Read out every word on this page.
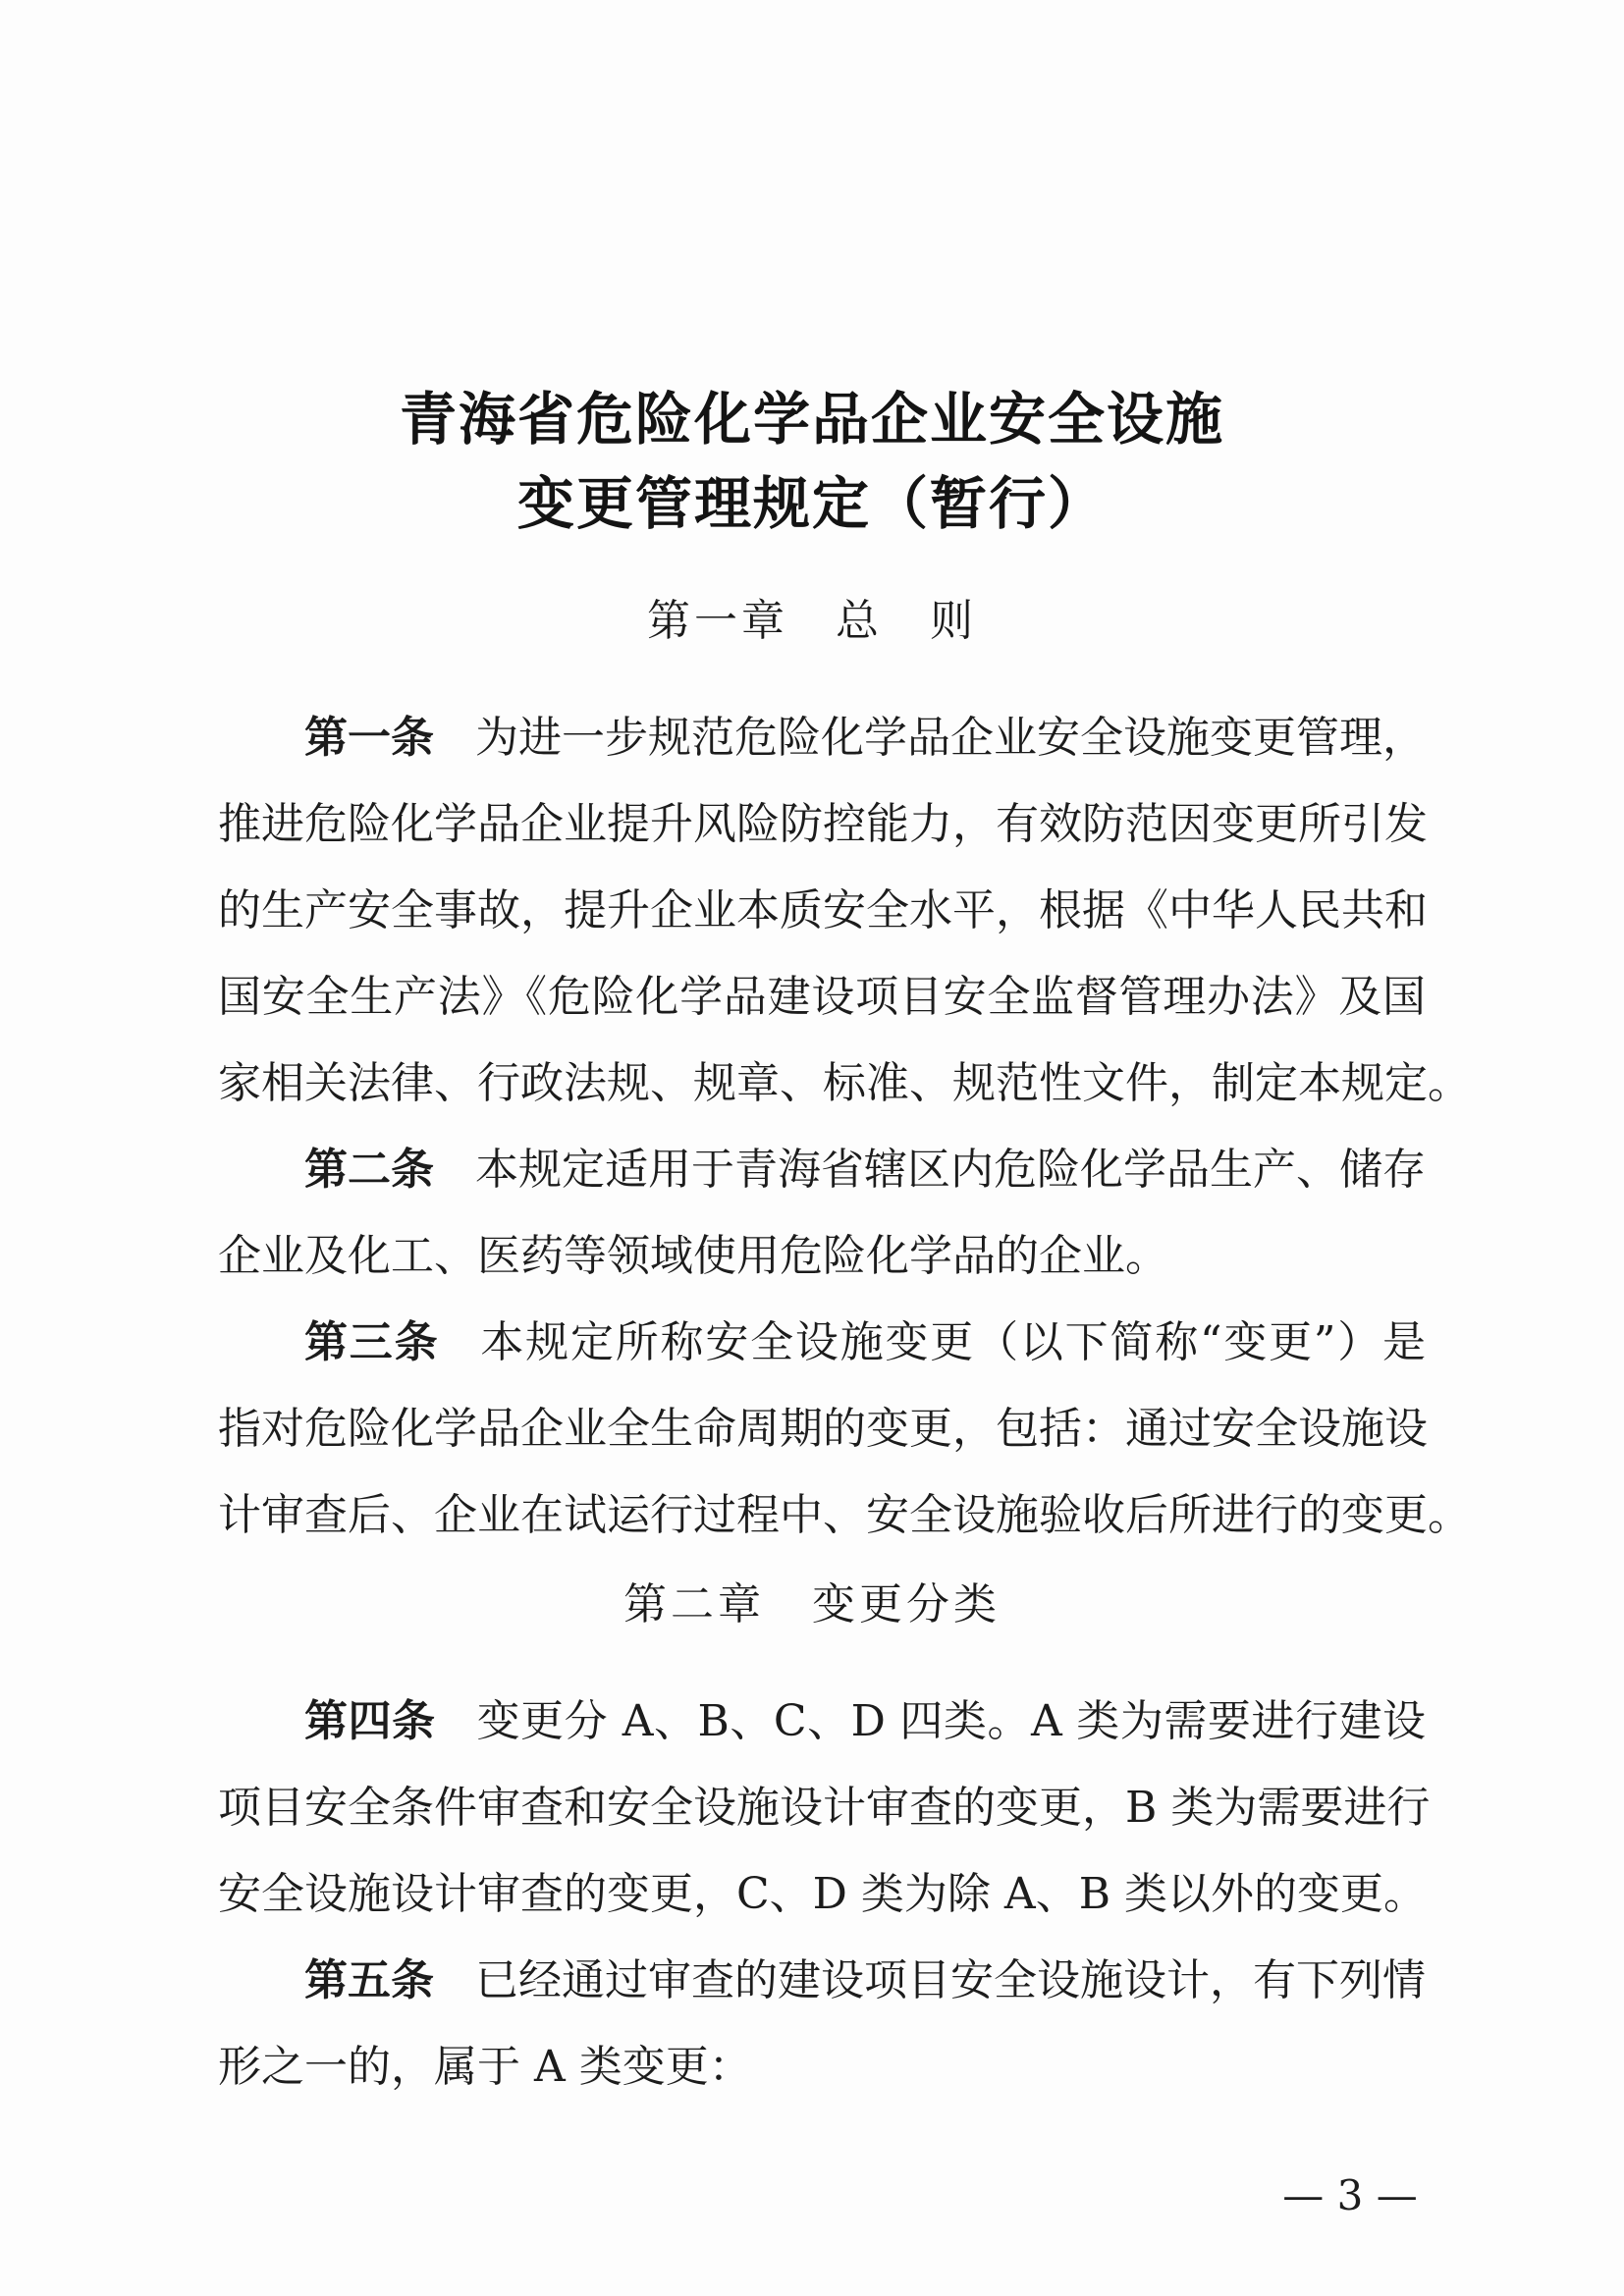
青海省危险化学品企业安全设施
变更管理规定（暂行）
第一章　总　则
第一条 为进一步规范危险化学品企业安全设施变更管理，
推进危险化学品企业提升风险防控能力，有效防范因变更所引发
的生产安全事故，提升企业本质安全水平，根据《中华人民共和
国安全生产法》《危险化学品建设项目安全监督管理办法》及国
家相关法律、行政法规、规章、标准、规范性文件，制定本规定。
第二条 本规定适用于青海省辖区内危险化学品生产、储存
企业及化工、医药等领域使用危险化学品的企业。
第三条 本规定所称安全设施变更（以下简称“变更”）是
指对危险化学品企业全生命周期的变更，包括：通过安全设施设
计审查后、企业在试运行过程中、安全设施验收后所进行的变更。
第二章　变更分类
第四条 变更分 A、B、C、D 四类。A 类为需要进行建设
项目安全条件审查和安全设施设计审查的变更，B 类为需要进行
安全设施设计审查的变更，C、D 类为除 A、B 类以外的变更。
第五条 已经通过审查的建设项目安全设施设计，有下列情
形之一的，属于 A 类变更：
— 3 —
